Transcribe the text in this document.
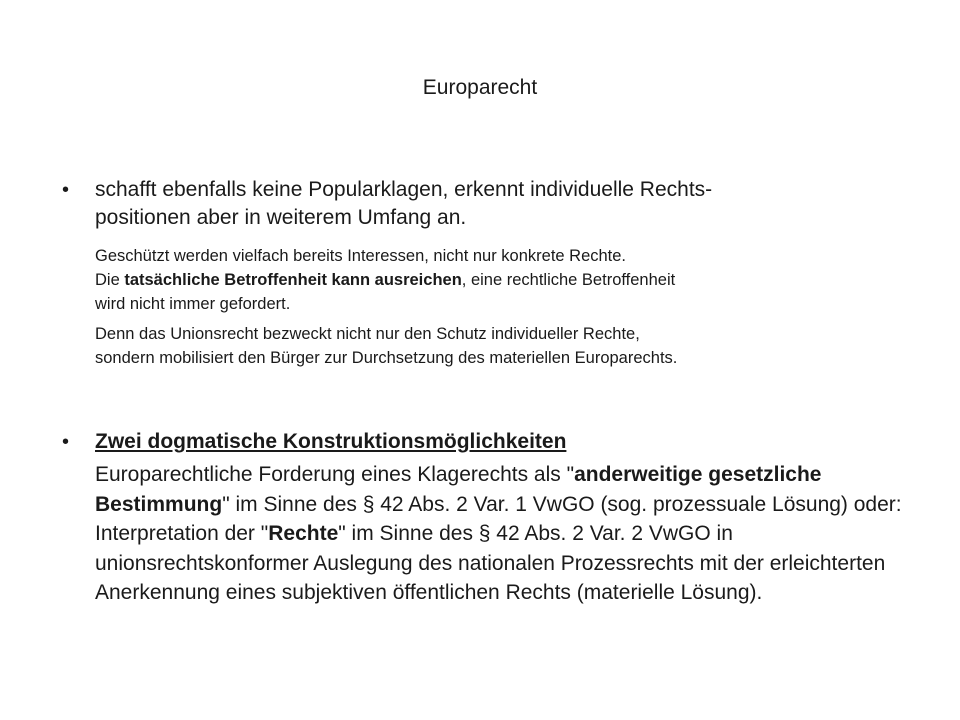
Europarecht
• schafft ebenfalls keine Popularklagen, erkennt individuelle Rechts-
positionen aber in weiterem Umfang an.
Geschützt werden vielfach bereits Interessen, nicht nur konkrete Rechte.
Die tatsächliche Betroffenheit kann ausreichen, eine rechtliche Betroffenheit
wird nicht immer gefordert.
Denn das Unionsrecht bezweckt nicht nur den Schutz individueller Rechte,
sondern mobilisiert den Bürger zur Durchsetzung des materiellen Europarechts.
• Zwei dogmatische Konstruktionsmöglichkeiten
Europarechtliche Forderung eines Klagerechts als "anderweitige gesetzliche Bestimmung" im Sinne des § 42 Abs. 2 Var. 1 VwGO (sog. prozessuale Lösung) oder: Interpretation der "Rechte" im Sinne des § 42 Abs. 2 Var. 2 VwGO in unionsrechtskonformer Auslegung des nationalen Prozessrechts mit der erleichterten Anerkennung eines subjektiven öffentlichen Rechts (materielle Lösung).
